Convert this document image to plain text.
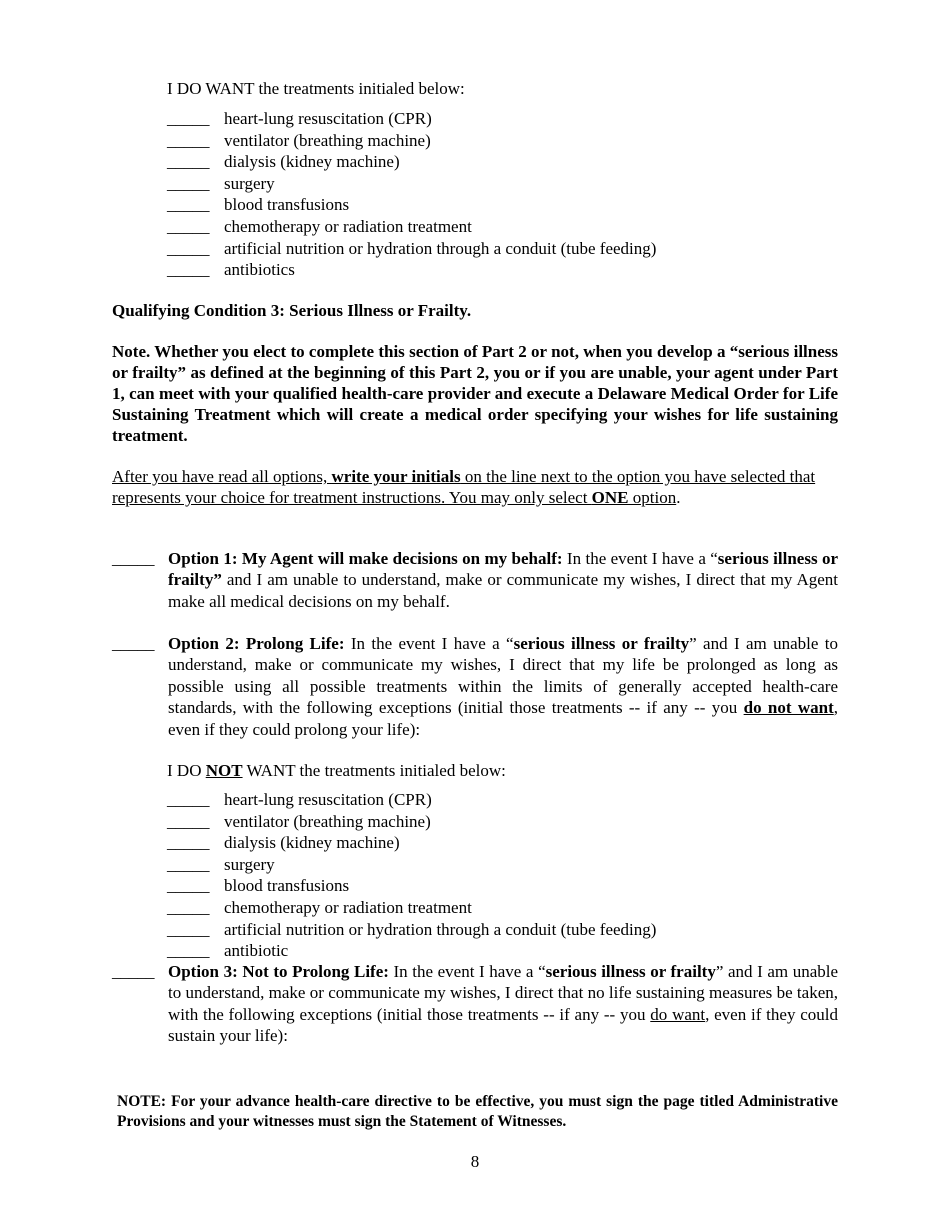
I DO WANT the treatments initialed below:
_____ heart-lung resuscitation (CPR)
_____ ventilator (breathing machine)
_____ dialysis (kidney machine)
_____ surgery
_____ blood transfusions
_____ chemotherapy or radiation treatment
_____ artificial nutrition or hydration through a conduit (tube feeding)
_____ antibiotics
Qualifying Condition 3: Serious Illness or Frailty.
Note. Whether you elect to complete this section of Part 2 or not, when you develop a “serious illness or frailty” as defined at the beginning of this Part 2, you or if you are unable, your agent under Part 1, can meet with your qualified health-care provider and execute a Delaware Medical Order for Life Sustaining Treatment which will create a medical order specifying your wishes for life sustaining treatment.
After you have read all options, write your initials on the line next to the option you have selected that represents your choice for treatment instructions. You may only select ONE option.
_____ Option 1: My Agent will make decisions on my behalf: In the event I have a “serious illness or frailty” and I am unable to understand, make or communicate my wishes, I direct that my Agent make all medical decisions on my behalf.
_____ Option 2: Prolong Life: In the event I have a “serious illness or frailty” and I am unable to understand, make or communicate my wishes, I direct that my life be prolonged as long as possible using all possible treatments within the limits of generally accepted health-care standards, with the following exceptions (initial those treatments -- if any -- you do not want, even if they could prolong your life):
I DO NOT WANT the treatments initialed below:
_____ heart-lung resuscitation (CPR)
_____ ventilator (breathing machine)
_____ dialysis (kidney machine)
_____ surgery
_____ blood transfusions
_____ chemotherapy or radiation treatment
_____ artificial nutrition or hydration through a conduit (tube feeding)
_____ antibiotic
_____ Option 3: Not to Prolong Life: In the event I have a “serious illness or frailty” and I am unable to understand, make or communicate my wishes, I direct that no life sustaining measures be taken, with the following exceptions (initial those treatments -- if any -- you do want, even if they could sustain your life):
NOTE: For your advance health-care directive to be effective, you must sign the page titled Administrative Provisions and your witnesses must sign the Statement of Witnesses.
8
